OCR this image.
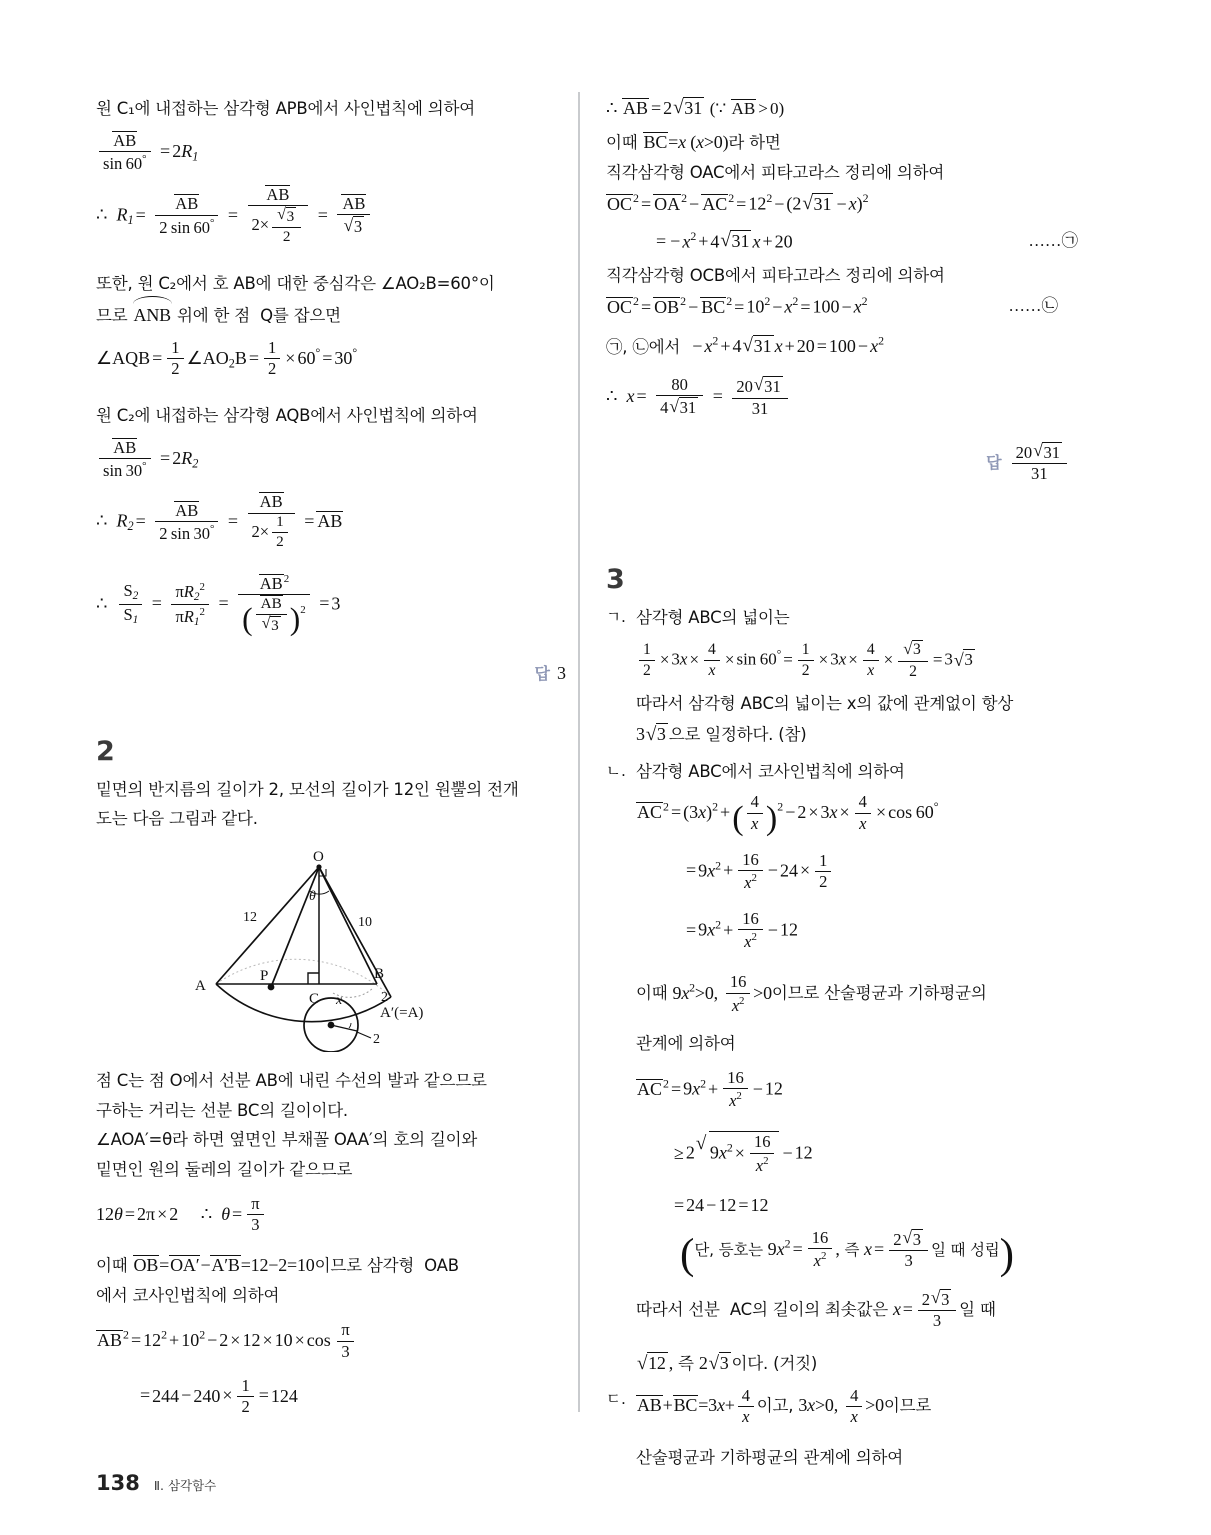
원 C₁에 내접하는 삼각형 APB에서 사인법칙에 의하여
$\frac{AB}{\sin 60^\circ} = 2R_1$
∴  $R_1 = \frac{AB}{2 \sin 60^\circ} = \frac{AB}{2\times √ \frac{3}{2}}$ = AB
√ 3
또한, 원 C₂에서 호 AB에 대한 중심각은 ∠AO₂B=60°이
므로 ANB 위에 한 점  Q를 잡으면
∠AQB = $\frac{1}{2}$ ∠AO2B = $\frac{1}{2} \times 60^\circ = 30^\circ$
원 C₂에 내접하는 삼각형 AQB에서 사인법칙에 의하여
$\frac{AB}{\sin 30^\circ} = 2R_2$
∴  $R_2 = \frac{AB}{2 \sin 30^\circ} = \frac{AB}{2\times \frac{1}{2}}$ = AB
∴ $\frac{S_2}{S_1} = \frac{\pi R_2^2}{\pi R_1^2} = AB^2$
( AB
√ 3 )$^2$ = 3
답 3
2
밑면의 반지름의 길이가 2, 모선의 길이가 12인 원뿔의 전개
도는 다음 그림과 같다.
O
A
B
C
P
θ
x
12	10
2
2
A′(=A)
점 C는 점 O에서 선분 AB에 내린 수선의 발과 같으므로
구하는 거리는 선분 BC의 길이이다.
∠AOA′=θ라 하면 옆면인 부채꼴 OAA′의 호의 길이와
밑면인 원의 둘레의 길이가 같으므로
12θ = 2π × 2     ∴  $\theta = \frac{\pi}{3}$
이때 OB=OA′−A′B=12−2=10이므로 삼각형  OAB
에서 코사인법칙에 의하여
$AB^2 = 12^2 + 10^2 - 2 \times 12 \times 10 \times \cos \frac{\pi}{3}$
= $244 - 240 \times \frac{1}{2} = 124$
∴ AB = 2 √ 31 (∵ AB > 0)
이때 BC=x (x>0)라 하면
직각삼각형 OAC에서 피타고라스 정리에 의하여
$OC^2 = OA^2 - AC^2 = 12^2 - (2$ √ 31 − x)$^2$
= − $x^2 + 4$ √ 31 x + 20	……㉠
직각삼각형 OCB에서 피타고라스 정리에 의하여
$OC^2 = OB^2 - BC^2 = 10^2 - x^2 = 100 - x^2$	……㉡
㉠, ㉡에서  − $x^2 + 4$ √ 31 $x + 20 = 100 - x^2$
∴  $x = \frac{80}{4 √ 31} = \frac{20 √ 31}{31}$
답 $\frac{20 √ 31}{31}$
3
ㄱ. 삼각형 ABC의 넓이는
$\frac{1}{2} \times 3x \times \frac{4}{x} \times \sin 60^\circ = \frac{1}{2} \times 3x \times \frac{4}{x}$ × √ $\frac{3}{2} = 3$ √ 3
따라서 삼각형 ABC의 넓이는 x의 값에 관계없이 항상
3 √ 3 으로 일정하다. (참)
ㄴ. 삼각형 ABC에서 코사인법칙에 의하여
$AC^2 = (3x)^2$ +( $\frac{4}{x} )^2 - 2 \times 3x \times \frac{4}{x} \times \cos 60^\circ$
= $9x^2 + \frac{16}{x^2} - 24 \times \frac{1}{2}$
= $9x^2 + \frac{16}{x^2} - 12$
이때 $9x^2>0$, $\frac{16}{x^2} >0$이므로 산술평균과 기하평균의
관계에 의하여
$AC^2 = 9x^2 + \frac{16}{x^2} - 12$
≥ 2 √ $9x^2 \times \frac{16}{x^2} - 12$
= 24 − 12 = 12
(단, 등호는 $9x^2 = \frac{16}{x^2}$ , 즉 $x = \frac{2 √ 3}{3}$ 일 때 성립)
따라서 선분  AC의 길이의 최솟값은 $x = \frac{2 √ 3}{3}$ 일 때
√ 12 , 즉 2 √ 3 이다. (거짓)
ㄷ. $AB+BC=3x+ \frac{4}{x}$ 이고, 3x>0, $\frac{4}{x} >0$이므로
산술평균과 기하평균의 관계에 의하여
138 Ⅱ. 삼각함수
